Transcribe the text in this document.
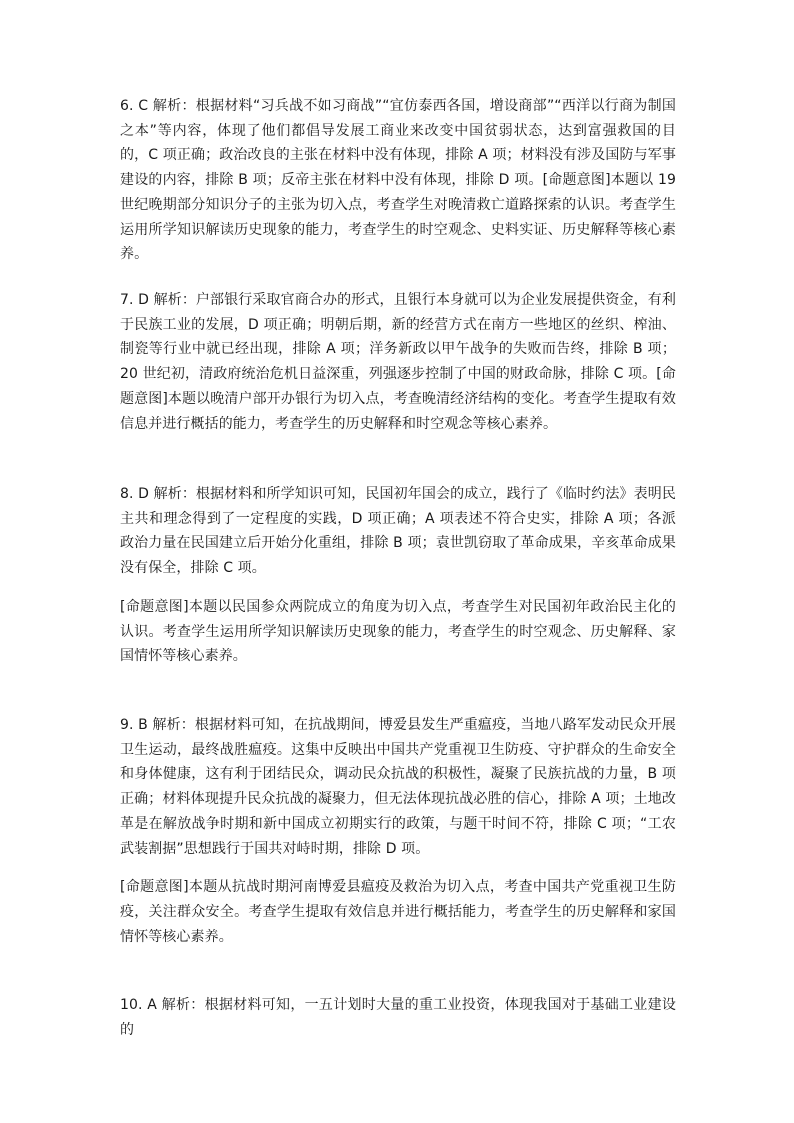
6. C 解析：根据材料“习兵战不如习商战”“宜仿泰西各国，增设商部”“西洋以行商为制国之本”等内容，体现了他们都倡导发展工商业来改变中国贫弱状态，达到富强救国的目的，C 项正确；政治改良的主张在材料中没有体现，排除 A 项；材料没有涉及国防与军事建设的内容，排除 B 项；反帝主张在材料中没有体现，排除 D 项。[命题意图]本题以 19 世纪晚期部分知识分子的主张为切入点，考查学生对晚清救亡道路探索的认识。考查学生运用所学知识解读历史现象的能力，考查学生的时空观念、史料实证、历史解释等核心素养。

7. D 解析：户部银行采取官商合办的形式，且银行本身就可以为企业发展提供资金，有利于民族工业的发展，D 项正确；明朝后期，新的经营方式在南方一些地区的丝织、榨油、制瓷等行业中就已经出现，排除 A 项；洋务新政以甲午战争的失败而告终，排除 B 项；20 世纪初，清政府统治危机日益深重，列强逐步控制了中国的财政命脉，排除 C 项。[命题意图]本题以晚清户部开办银行为切入点，考查晚清经济结构的变化。考查学生提取有效信息并进行概括的能力，考查学生的历史解释和时空观念等核心素养。

8. D 解析：根据材料和所学知识可知，民国初年国会的成立，践行了《临时约法》表明民主共和理念得到了一定程度的实践，D 项正确；A 项表述不符合史实，排除 A 项；各派政治力量在民国建立后开始分化重组，排除 B 项；袁世凯窃取了革命成果，辛亥革命成果没有保全，排除 C 项。

[命题意图]本题以民国参众两院成立的角度为切入点，考查学生对民国初年政治民主化的认识。考查学生运用所学知识解读历史现象的能力，考查学生的时空观念、历史解释、家国情怀等核心素养。

9. B 解析：根据材料可知，在抗战期间，博爱县发生严重瘟疫，当地八路军发动民众开展卫生运动，最终战胜瘟疫。这集中反映出中国共产党重视卫生防疫、守护群众的生命安全和身体健康，这有利于团结民众，调动民众抗战的积极性，凝聚了民族抗战的力量，B 项正确；材料体现提升民众抗战的凝聚力，但无法体现抗战必胜的信心，排除 A 项；土地改革是在解放战争时期和新中国成立初期实行的政策，与题干时间不符，排除 C 项；“工农武装割据”思想践行于国共对峙时期，排除 D 项。

[命题意图]本题从抗战时期河南博爱县瘟疫及救治为切入点，考查中国共产党重视卫生防疫，关注群众安全。考查学生提取有效信息并进行概括能力，考查学生的历史解释和家国情怀等核心素养。

10. A 解析：根据材料可知，一五计划时大量的重工业投资，体现我国对于基础工业建设的
